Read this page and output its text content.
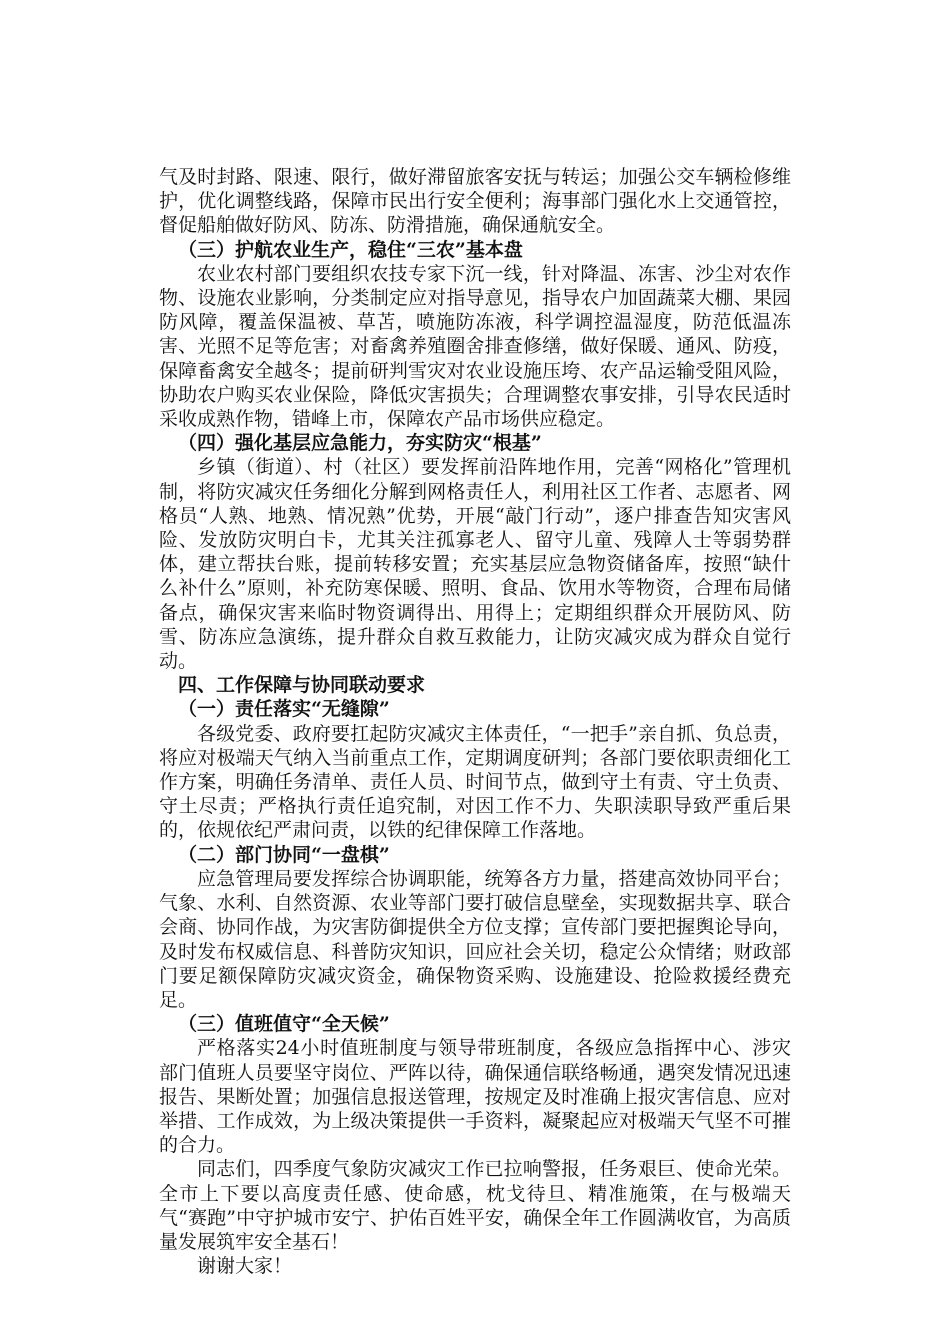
气及时封路、限速、限行，做好滞留旅客安抚与转运；加强公交车辆检修维护，优化调整线路，保障市民出行安全便利；海事部门强化水上交通管控，督促船舶做好防风、防冻、防滑措施，确保通航安全。

（三）护航农业生产，稳住“三农”基本盘

农业农村部门要组织农技专家下沉一线，针对降温、冻害、沙尘对农作物、设施农业影响，分类制定应对指导意见，指导农户加固蔬菜大棚、果园防风障，覆盖保温被、草苫，喷施防冻液，科学调控温湿度，防范低温冻害、光照不足等危害；对畜禽养殖圈舍排查修缮，做好保暖、通风、防疫，保障畜禽安全越冬；提前研判雪灾对农业设施压垮、农产品运输受阻风险，协助农户购买农业保险，降低灾害损失；合理调整农事安排，引导农民适时采收成熟作物，错峰上市，保障农产品市场供应稳定。

（四）强化基层应急能力，夯实防灾“根基”

乡镇（街道）、村（社区）要发挥前沿阵地作用，完善“网格化”管理机制，将防灾减灾任务细化分解到网格责任人，利用社区工作者、志愿者、网格员“人熟、地熟、情况熟”优势，开展“敲门行动”，逐户排查告知灾害风险、发放防灾明白卡，尤其关注孤寡老人、留守儿童、残障人士等弱势群体，建立帮扶台账，提前转移安置；充实基层应急物资储备库，按照“缺什么补什么”原则，补充防寒保暖、照明、食品、饮用水等物资，合理布局储备点，确保灾害来临时物资调得出、用得上；定期组织群众开展防风、防雪、防冻应急演练，提升群众自救互救能力，让防灾减灾成为群众自觉行动。

四、工作保障与协同联动要求

（一）责任落实“无缝隙”

各级党委、政府要扛起防灾减灾主体责任，“一把手”亲自抓、负总责，将应对极端天气纳入当前重点工作，定期调度研判；各部门要依职责细化工作方案，明确任务清单、责任人员、时间节点，做到守土有责、守土负责、守土尽责；严格执行责任追究制，对因工作不力、失职渎职导致严重后果的，依规依纪严肃问责，以铁的纪律保障工作落地。

（二）部门协同“一盘棋”

应急管理局要发挥综合协调职能，统筹各方力量，搭建高效协同平台；气象、水利、自然资源、农业等部门要打破信息壁垒，实现数据共享、联合会商、协同作战，为灾害防御提供全方位支撑；宣传部门要把握舆论导向，及时发布权威信息、科普防灾知识，回应社会关切，稳定公众情绪；财政部门要足额保障防灾减灾资金，确保物资采购、设施建设、抢险救援经费充足。

（三）值班值守“全天候”

严格落实24小时值班制度与领导带班制度，各级应急指挥中心、涉灾部门值班人员要坚守岗位、严阵以待，确保通信联络畅通，遇突发情况迅速报告、果断处置；加强信息报送管理，按规定及时准确上报灾害信息、应对举措、工作成效，为上级决策提供一手资料，凝聚起应对极端天气坚不可摧的合力。

同志们，四季度气象防灾减灾工作已拉响警报，任务艰巨、使命光荣。全市上下要以高度责任感、使命感，枕戈待旦、精准施策，在与极端天气“赛跑”中守护城市安宁、护佑百姓平安，确保全年工作圆满收官，为高质量发展筑牢安全基石！

谢谢大家！
